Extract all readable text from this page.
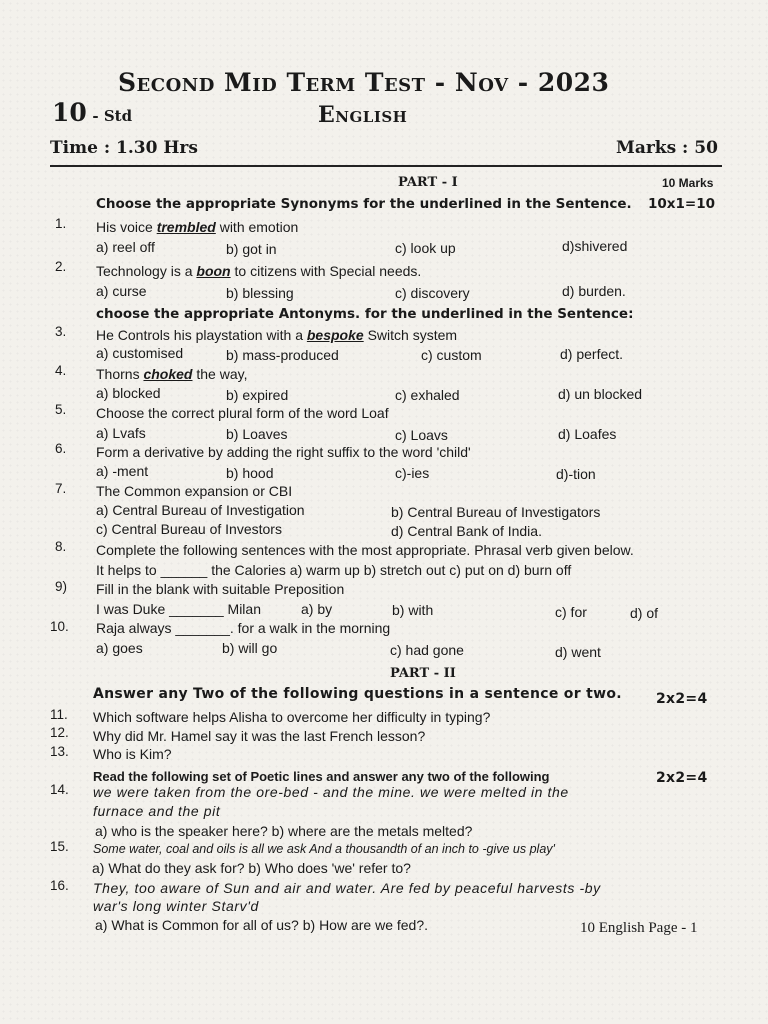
Second Mid Term Test - Nov - 2023
10 - Std	English
Time : 1.30 Hrs	Marks : 50
PART - I	10 Marks
Choose the appropriate Synonyms for the underlined in the Sentence. 10x1=10
1. His voice trembled with emotion
a) reel off	b) got in	c) look up	d)shivered
2. Technology is a boon to citizens with Special needs.
a) curse	b) blessing	c) discovery	d) burden.
choose the appropriate Antonyms. for the underlined in the Sentence:
3. He Controls his playstation with a bespoke Switch system
a) customised	b) mass-produced	c) custom	d) perfect.
4. Thorns choked the way,
a) blocked	b) expired	c) exhaled	d) un blocked
5. Choose the correct plural form of the word Loaf
a) Lvafs	b) Loaves	c) Loavs	d) Loafes
6. Form a derivative by adding the right suffix to the word 'child'
a) -ment	b) hood	c)-ies	d)-tion
7. The Common expansion or CBI
a) Central Bureau of Investigation	b) Central Bureau of Investigators
c) Central Bureau of Investors	d) Central Bank of India.
8. Complete the following sentences with the most appropriate. Phrasal verb given below.
It helps to ______ the Calories a) warm up b) stretch out c) put on d) burn off
9) Fill in the blank with suitable Preposition
I was Duke _______ Milan	a) by	b) with	c) for	d) of
10. Raja always _______. for a walk in the morning
a) goes	b) will go	c) had gone	d) went
PART - II
Answer any Two of the following questions in a sentence or two. 2x2=4
11. Which software helps Alisha to overcome her difficulty in typing?
12. Why did Mr. Hamel say it was the last French lesson?
13. Who is Kim?
Read the following set of Poetic lines and answer any two of the following	2x2=4
14. we were taken from the ore-bed - and the mine. we were melted in the
furnace and the pit
a) who is the speaker here? b) where are the metals melted?
15. Some water, coal and oils is all we ask And a thousandth of an inch to -give us play'
a) What do they ask for? b) Who does 'we' refer to?
16. They, too aware of Sun and air and water. Are fed by peaceful harvests -by
war's long winter Starv'd
a) What is Common for all of us? b) How are we fed?.	10 English Page - 1
